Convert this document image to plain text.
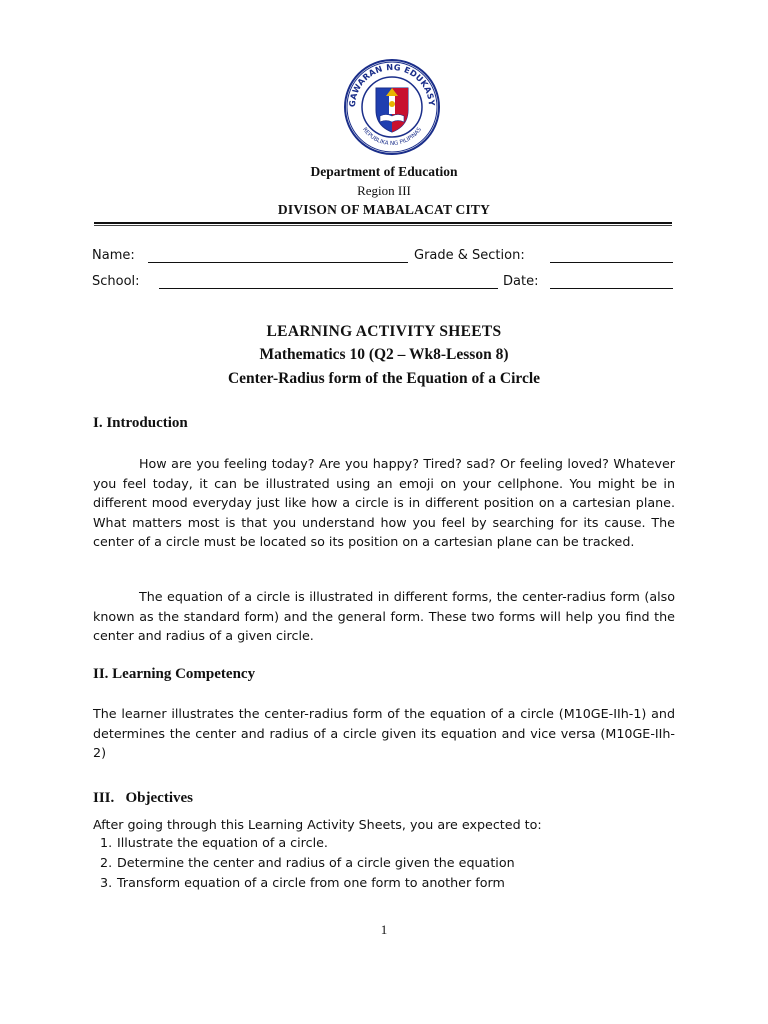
GAWARAN NG EDUKASY
REPUBLIKA NG PILIPINAS
Department of Education
Region III
DIVISON OF MABALACAT CITY
Name:	Grade & Section:
School:	Date:
LEARNING ACTIVITY SHEETS
Mathematics 10 (Q2 – Wk8-Lesson 8)
Center-Radius form of the Equation of a Circle
I. Introduction

How are you feeling today? Are you happy? Tired? sad? Or feeling loved? Whatever you feel today, it can be illustrated using an emoji on your cellphone. You might be in different mood everyday just like how a circle is in different position on a cartesian plane. What matters most is that you understand how you feel by searching for its cause. The center of a circle must be located so its position on a cartesian plane can be tracked.

The equation of a circle is illustrated in different forms, the center-radius form (also known as the standard form) and the general form. These two forms will help you find the center and radius of a given circle.

II. Learning Competency

The learner illustrates the center-radius form of the equation of a circle (M10GE-IIh-1) and determines the center and radius of a circle given its equation and vice versa (M10GE-IIh-2)

III.   Objectives

After going through this Learning Activity Sheets, you are expected to:

1. Illustrate the equation of a circle.
2. Determine the center and radius of a circle given the equation
3. Transform equation of a circle from one form to another form
1
